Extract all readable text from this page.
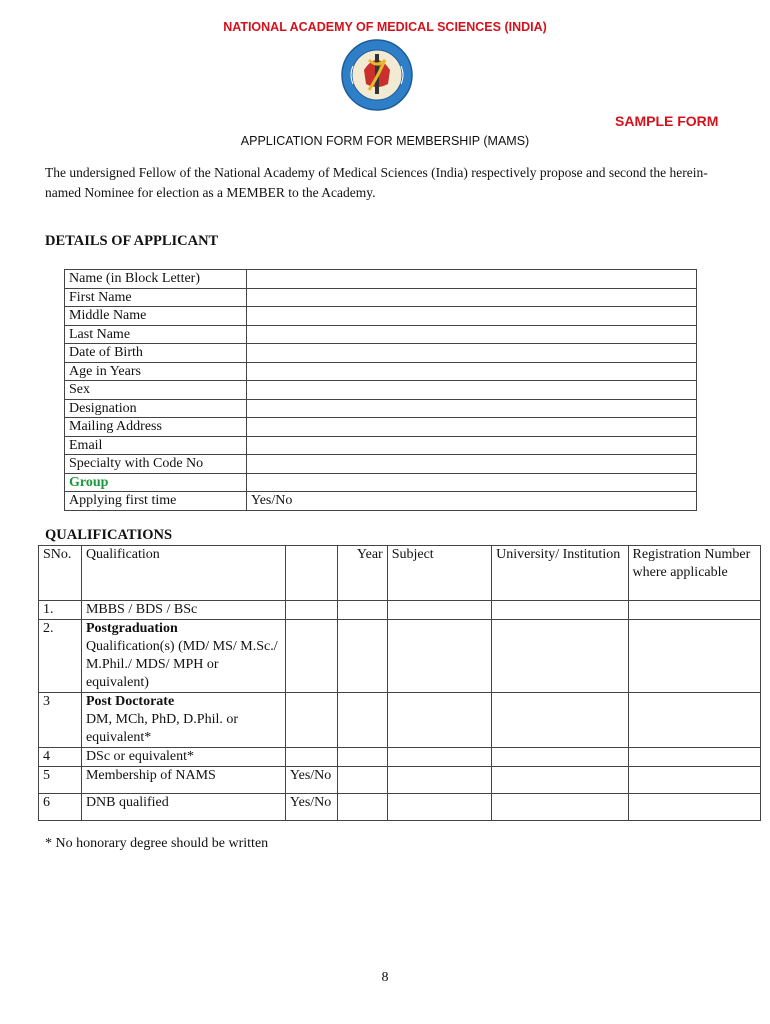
NATIONAL ACADEMY OF MEDICAL SCIENCES (INDIA)
SAMPLE FORM
APPLICATION FORM FOR MEMBERSHIP (MAMS)
The undersigned Fellow of the National Academy of Medical Sciences (India) respectively propose and second the herein-named Nominee for election as a MEMBER to the Academy.
DETAILS OF APPLICANT
Name (in Block Letter)	
First Name	
Middle Name	
Last Name	
Date of Birth	
Age in Years	
Sex	
Designation	
Mailing Address	
Email	
Specialty with Code No	
Group	
Applying first time	Yes/No
QUALIFICATIONS
SNo.	Qualification		Year	Subject	University/ Institution	Registration Number where applicable
1.	MBBS / BDS / BSc					
2.	Postgraduation
Qualification(s) (MD/ MS/ M.Sc./ M.Phil./ MDS/ MPH or equivalent)					
3	Post Doctorate
DM, MCh, PhD, D.Phil. or equivalent*					
4	DSc or equivalent*					
5	Membership of NAMS	Yes/No				
6	DNB qualified	Yes/No				
* No honorary degree should be written
8
